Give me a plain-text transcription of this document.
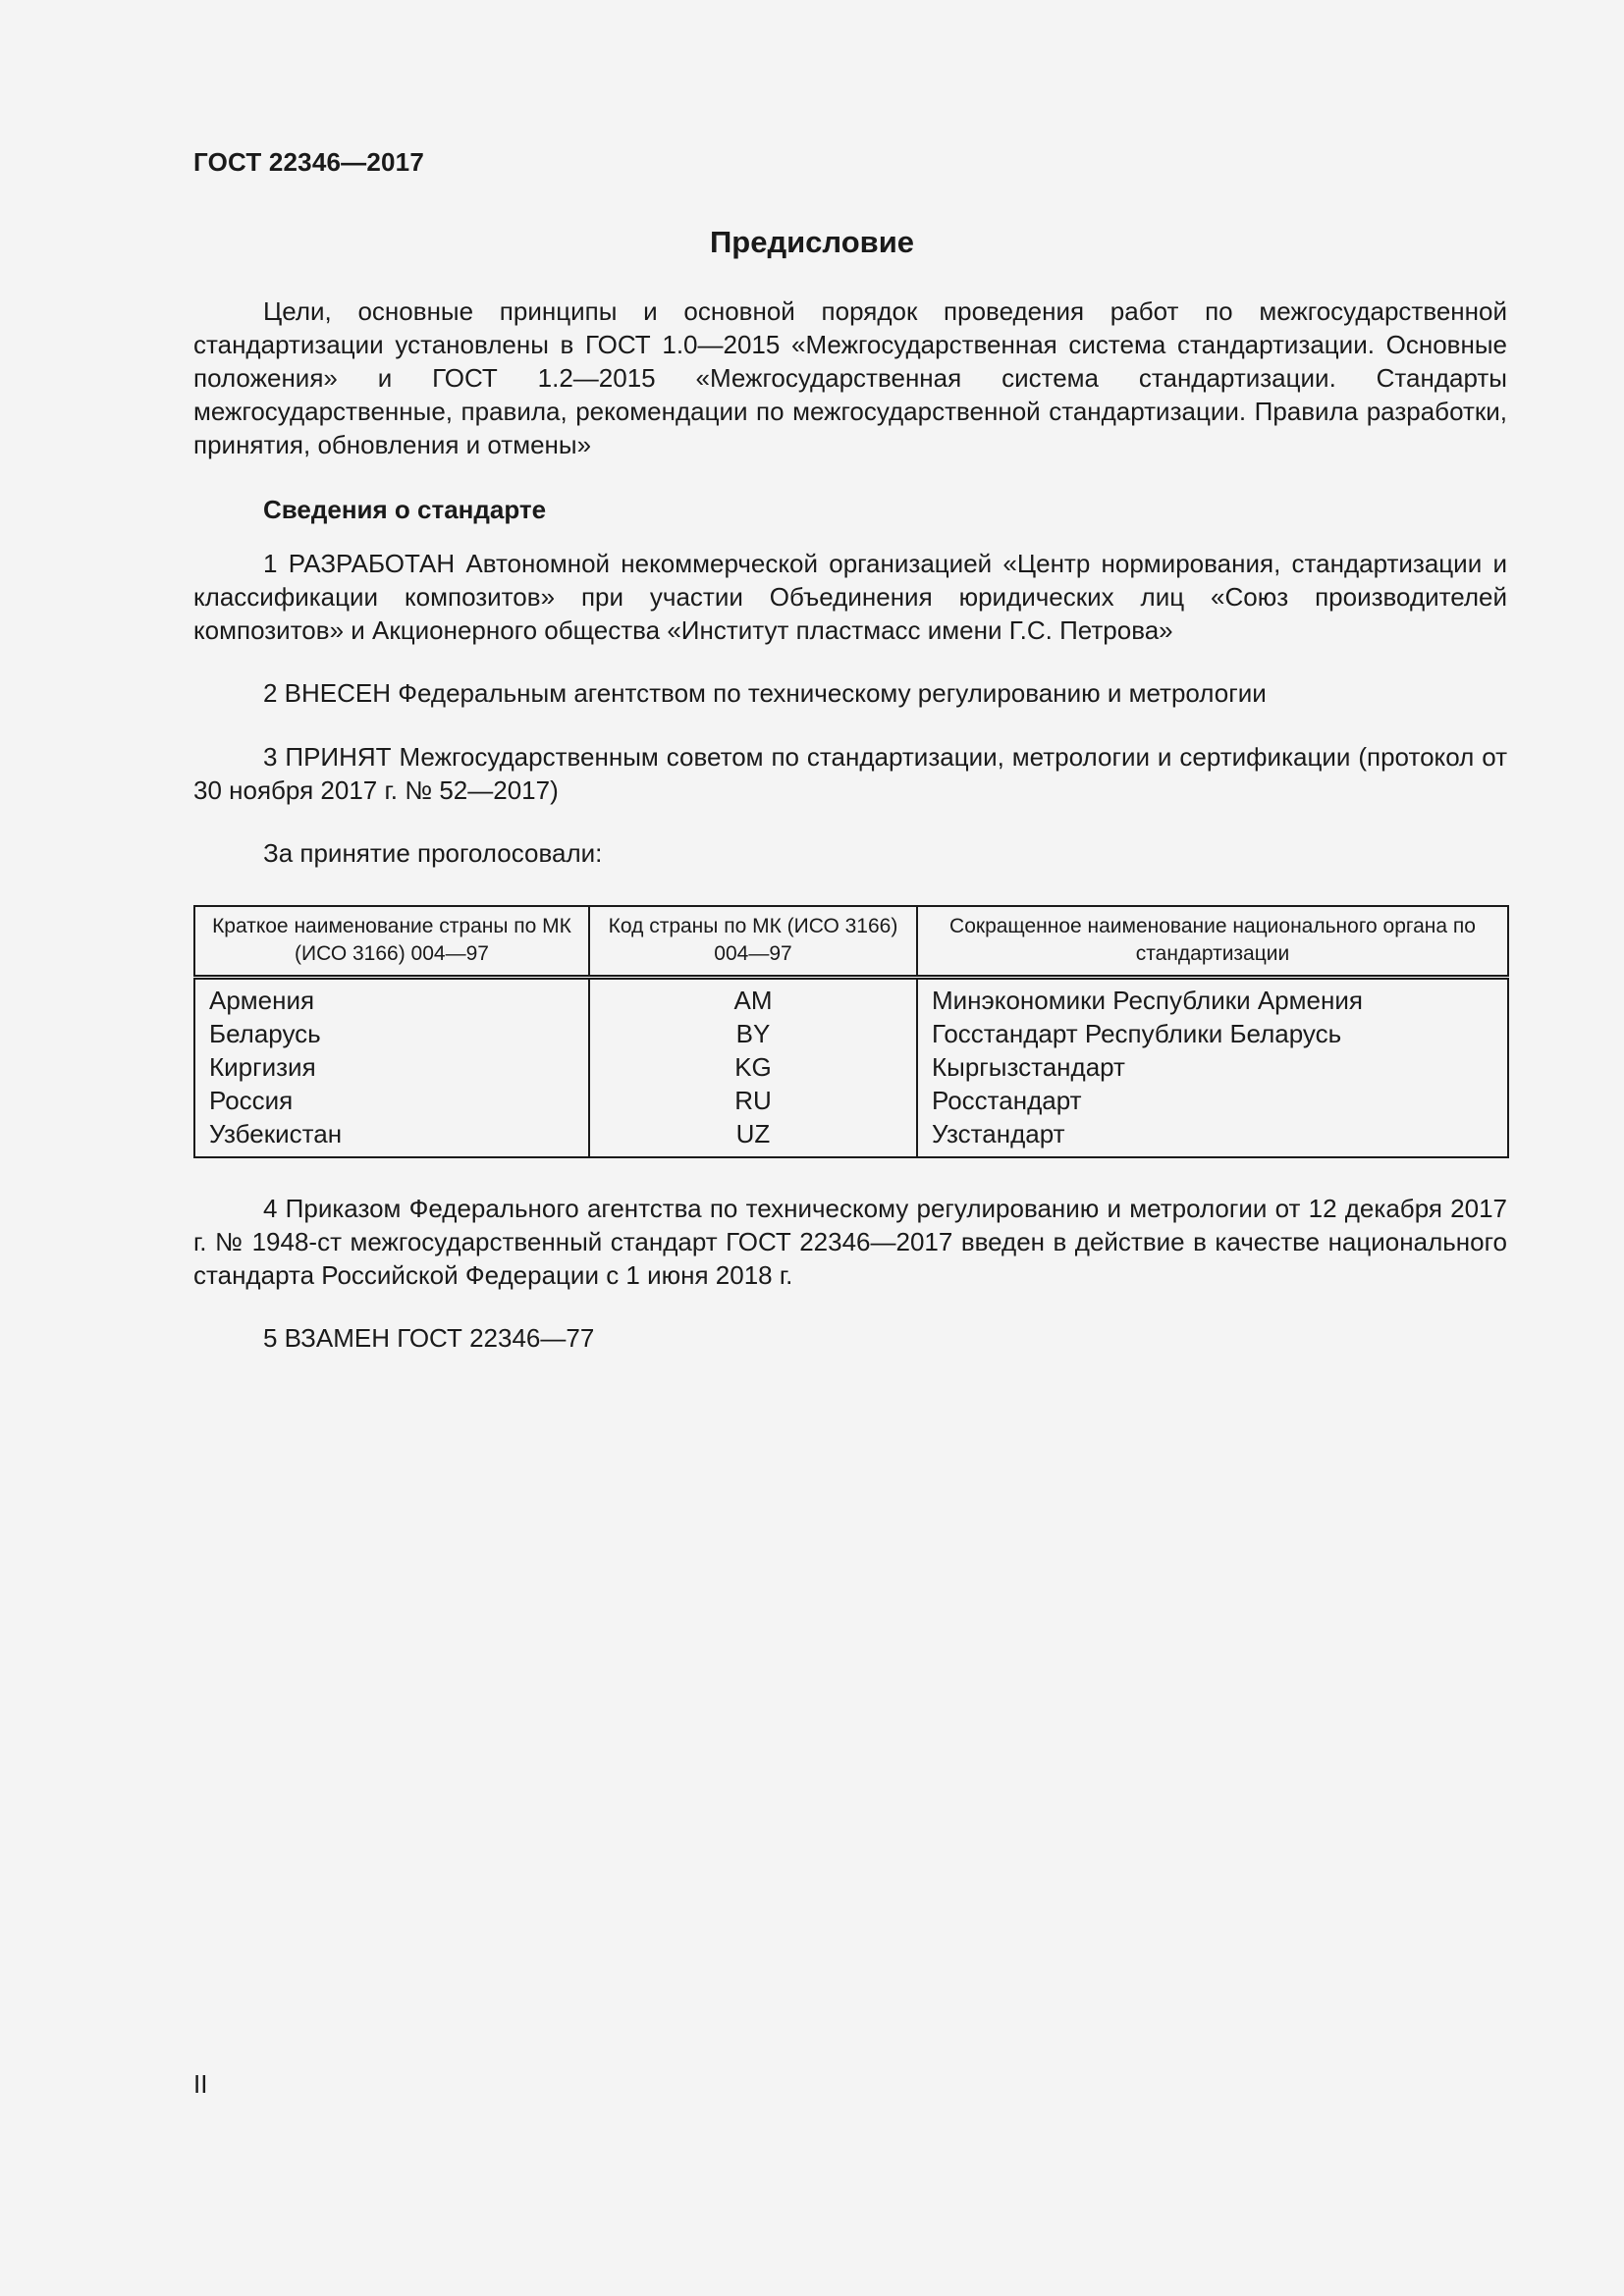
ГОСТ 22346—2017
Предисловие

Цели, основные принципы и основной порядок проведения работ по межгосударственной стандартизации установлены в ГОСТ 1.0—2015 «Межгосударственная система стандартизации. Основные положения» и ГОСТ 1.2—2015 «Межгосударственная система стандартизации. Стандарты межгосударственные, правила, рекомендации по межгосударственной стандартизации. Правила разработки, принятия, обновления и отмены»

Сведения о стандарте

1 РАЗРАБОТАН Автономной некоммерческой организацией «Центр нормирования, стандартизации и классификации композитов» при участии Объединения юридических лиц «Союз производителей композитов» и Акционерного общества «Институт пластмасс имени Г.С. Петрова»

2 ВНЕСЕН Федеральным агентством по техническому регулированию и метрологии

3 ПРИНЯТ Межгосударственным советом по стандартизации, метрологии и сертификации (протокол от 30 ноября 2017 г. № 52—2017)

За принятие проголосовали:

Краткое наименование страны по МК (ИСО 3166) 004—97	Код страны по МК (ИСО 3166) 004—97	Сокращенное наименование национального органа по стандартизации
Армения	AM	Минэкономики Республики Армения
Беларусь	BY	Госстандарт Республики Беларусь
Киргизия	KG	Кыргызстандарт
Россия	RU	Росстандарт
Узбекистан	UZ	Узстандарт

4 Приказом Федерального агентства по техническому регулированию и метрологии от 12 декабря 2017 г. № 1948-ст межгосударственный стандарт ГОСТ 22346—2017 введен в действие в качестве национального стандарта Российской Федерации с 1 июня 2018 г.

5 ВЗАМЕН ГОСТ 22346—77

II
